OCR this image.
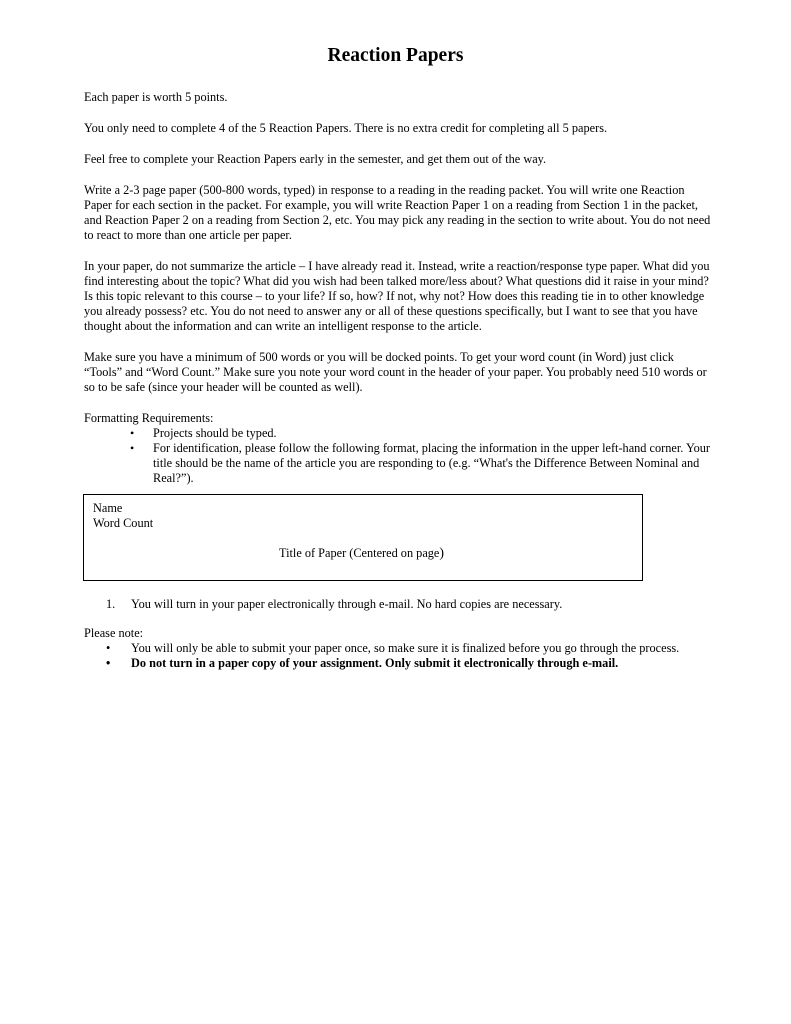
Reaction Papers

Each paper is worth 5 points.

You only need to complete 4 of the 5 Reaction Papers. There is no extra credit for completing all 5 papers.

Feel free to complete your Reaction Papers early in the semester, and get them out of the way.

Write a 2-3 page paper (500-800 words, typed) in response to a reading in the reading packet. You will write one Reaction Paper for each section in the packet. For example, you will write Reaction Paper 1 on a reading from Section 1 in the packet, and Reaction Paper 2 on a reading from Section 2, etc. You may pick any reading in the section to write about. You do not need to react to more than one article per paper.

In your paper, do not summarize the article – I have already read it. Instead, write a reaction/response type paper. What did you find interesting about the topic? What did you wish had been talked more/less about? What questions did it raise in your mind? Is this topic relevant to this course – to your life? If so, how? If not, why not? How does this reading tie in to other knowledge you already possess? etc. You do not need to answer any or all of these questions specifically, but I want to see that you have thought about the information and can write an intelligent response to the article.

Make sure you have a minimum of 500 words or you will be docked points. To get your word count (in Word) just click “Tools” and “Word Count.” Make sure you note your word count in the header of your paper. You probably need 510 words or so to be safe (since your header will be counted as well).

Formatting Requirements:

• Projects should be typed.
• For identification, please follow the following format, placing the information in the upper left-hand corner. Your title should be the name of the article you are responding to (e.g. “What's the Difference Between Nominal and Real?”).
Name
Word Count
Title of Paper (Centered on page)
1. You will turn in your paper electronically through e-mail. No hard copies are necessary.

Please note:

• You will only be able to submit your paper once, so make sure it is finalized before you go through the process.
• Do not turn in a paper copy of your assignment. Only submit it electronically through e-mail.
